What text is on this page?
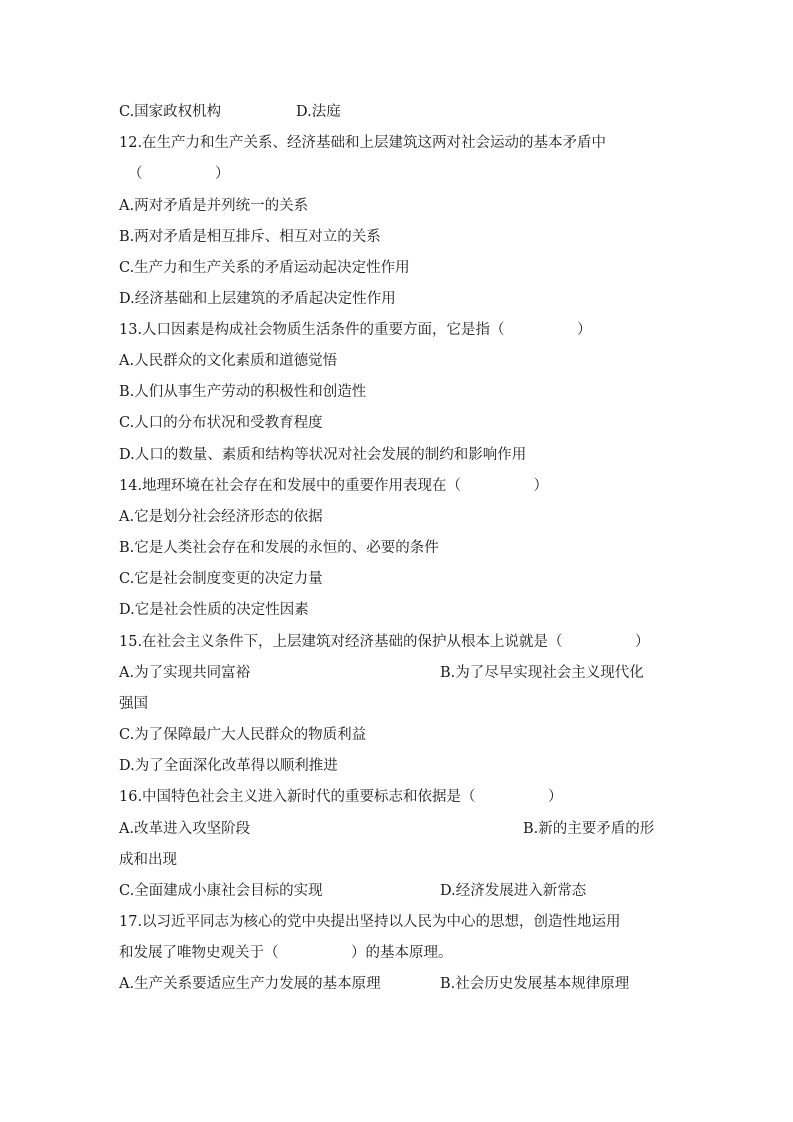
C.国家政权机构	D.法庭
12.在生产力和生产关系、经济基础和上层建筑这两对社会运动的基本矛盾中
（　　　　　）
A.两对矛盾是并列统一的关系
B.两对矛盾是相互排斥、相互对立的关系
C.生产力和生产关系的矛盾运动起决定性作用
D.经济基础和上层建筑的矛盾起决定性作用
13.人口因素是构成社会物质生活条件的重要方面，它是指（　　　　　）
A.人民群众的文化素质和道德觉悟
B.人们从事生产劳动的积极性和创造性
C.人口的分布状况和受教育程度
D.人口的数量、素质和结构等状况对社会发展的制约和影响作用
14.地理环境在社会存在和发展中的重要作用表现在（　　　　　）
A.它是划分社会经济形态的依据
B.它是人类社会存在和发展的永恒的、必要的条件
C.它是社会制度变更的决定力量
D.它是社会性质的决定性因素
15.在社会主义条件下，上层建筑对经济基础的保护从根本上说就是（　　　　　）
A.为了实现共同富裕	B.为了尽早实现社会主义现代化
强国
C.为了保障最广大人民群众的物质利益
D.为了全面深化改革得以顺利推进
16.中国特色社会主义进入新时代的重要标志和依据是（　　　　　）
A.改革进入攻坚阶段	B.新的主要矛盾的形
成和出现
C.全面建成小康社会目标的实现	D.经济发展进入新常态
17.以习近平同志为核心的党中央提出坚持以人民为中心的思想，创造性地运用
和发展了唯物史观关于（　　　　　）的基本原理。
A.生产关系要适应生产力发展的基本原理	B.社会历史发展基本规律原理
